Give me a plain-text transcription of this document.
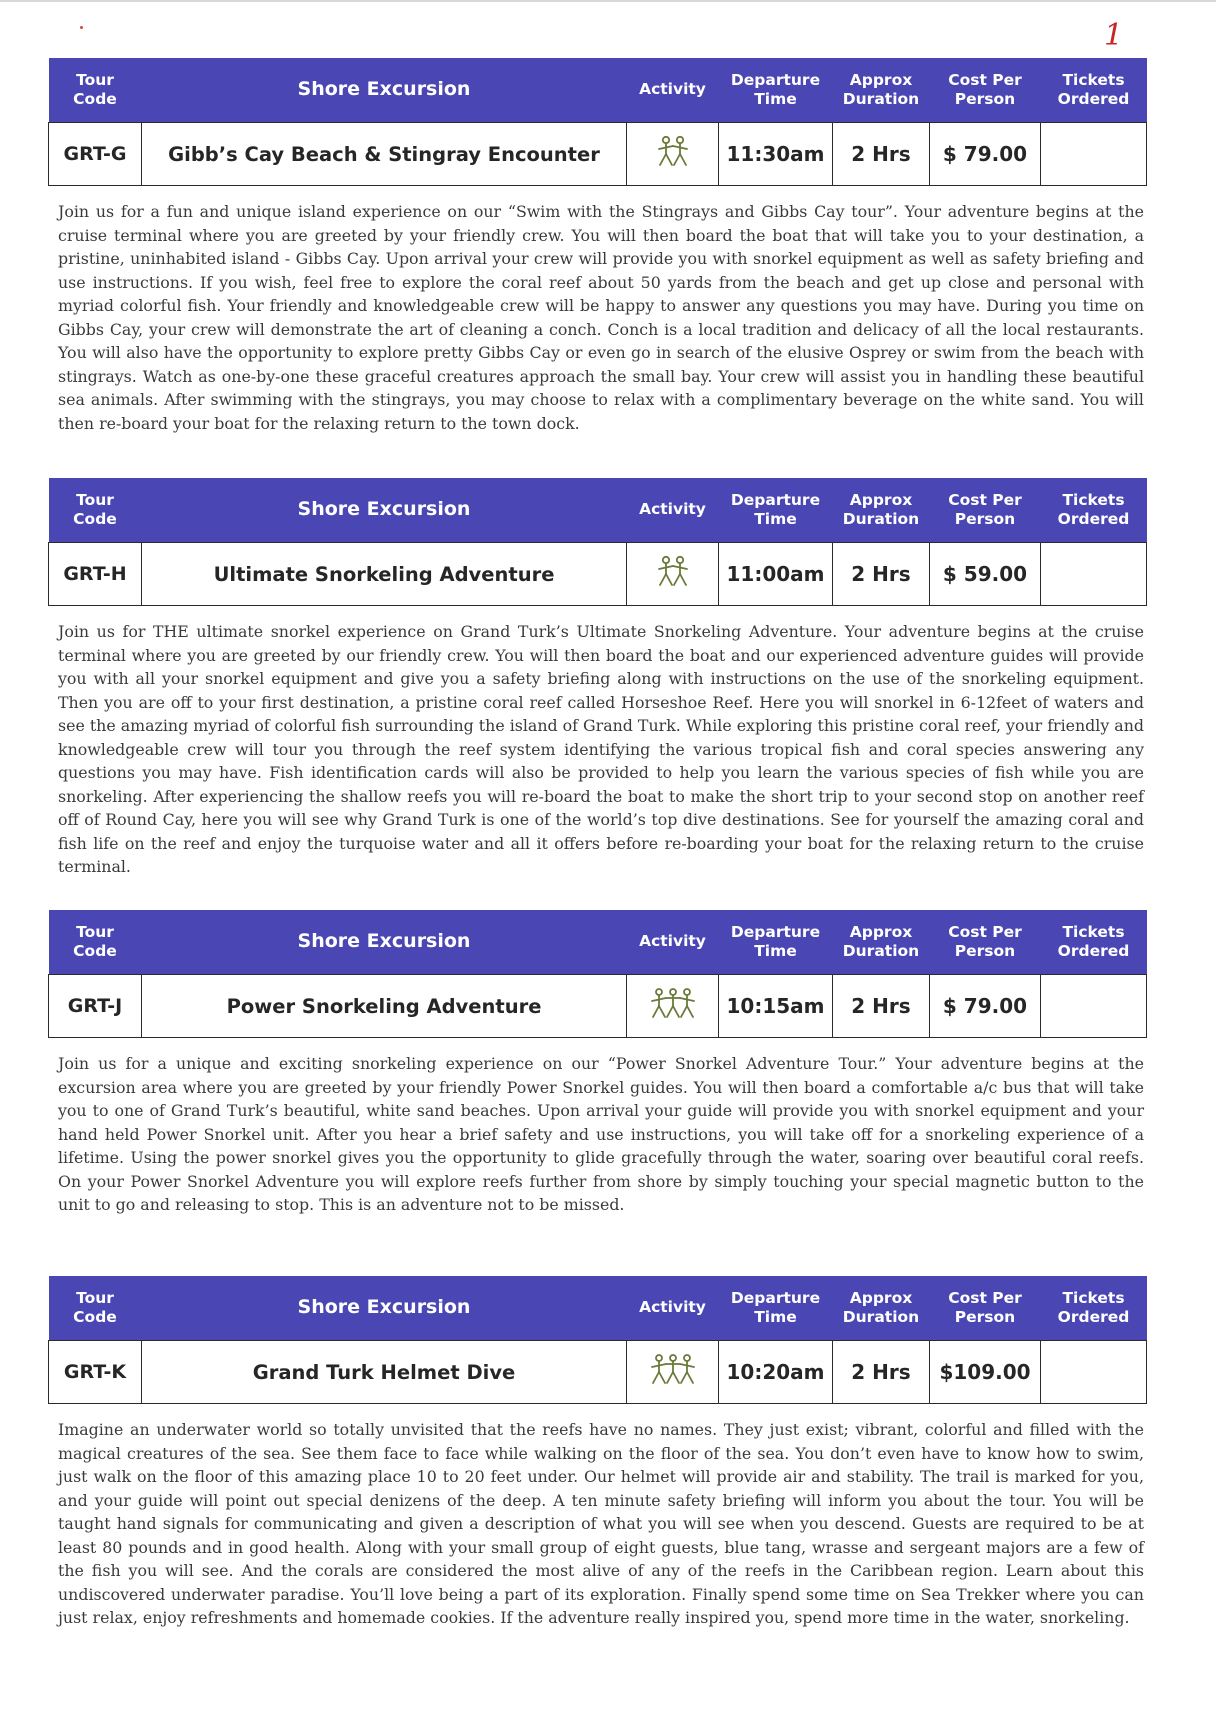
1
Tour Code	Shore Excursion	Activity	Departure Time	Approx Duration	Cost Per Person	Tickets Ordered
GRT-G	Gibb’s Cay Beach & Stingray Encounter		11:30am	2 Hrs	$ 79.00	

Join us for a fun and unique island experience on our “Swim with the Stingrays and Gibbs Cay tour”. Your adventure begins at the cruise terminal where you are greeted by your friendly crew. You will then board the boat that will take you to your destination, a pristine, uninhabited island - Gibbs Cay. Upon arrival your crew will provide you with snorkel equipment as well as safety briefing and use instructions. If you wish, feel free to explore the coral reef about 50 yards from the beach and get up close and personal with myriad colorful fish. Your friendly and knowledgeable crew will be happy to answer any questions you may have. During you time on Gibbs Cay, your crew will demonstrate the art of cleaning a conch. Conch is a local tradition and delicacy of all the local restaurants. You will also have the opportunity to explore pretty Gibbs Cay or even go in search of the elusive Osprey or swim from the beach with stingrays. Watch as one-by-one these graceful creatures approach the small bay. Your crew will assist you in handling these beautiful sea animals. After swimming with the stingrays, you may choose to relax with a complimentary beverage on the white sand. You will then re-board your boat for the relaxing return to the town dock.

Tour Code	Shore Excursion	Activity	Departure Time	Approx Duration	Cost Per Person	Tickets Ordered
GRT-H	Ultimate Snorkeling Adventure		11:00am	2 Hrs	$ 59.00	

Join us for THE ultimate snorkel experience on Grand Turk’s Ultimate Snorkeling Adventure. Your adventure begins at the cruise terminal where you are greeted by our friendly crew. You will then board the boat and our experienced adventure guides will provide you with all your snorkel equipment and give you a safety briefing along with instructions on the use of the snorkeling equipment. Then you are off to your first destination, a pristine coral reef called Horseshoe Reef. Here you will snorkel in 6-12feet of waters and see the amazing myriad of colorful fish surrounding the island of Grand Turk. While exploring this pristine coral reef, your friendly and knowledgeable crew will tour you through the reef system identifying the various tropical fish and coral species answering any questions you may have. Fish identification cards will also be provided to help you learn the various species of fish while you are snorkeling. After experiencing the shallow reefs you will re-board the boat to make the short trip to your second stop on another reef off of Round Cay, here you will see why Grand Turk is one of the world’s top dive destinations. See for yourself the amazing coral and fish life on the reef and enjoy the turquoise water and all it offers before re-boarding your boat for the relaxing return to the cruise terminal.

Tour Code	Shore Excursion	Activity	Departure Time	Approx Duration	Cost Per Person	Tickets Ordered
GRT-J	Power Snorkeling Adventure		10:15am	2 Hrs	$ 79.00	

Join us for a unique and exciting snorkeling experience on our “Power Snorkel Adventure Tour.” Your adventure begins at the excursion area where you are greeted by your friendly Power Snorkel guides. You will then board a comfortable a/c bus that will take you to one of Grand Turk’s beautiful, white sand beaches. Upon arrival your guide will provide you with snorkel equipment and your hand held Power Snorkel unit. After you hear a brief safety and use instructions, you will take off for a snorkeling experience of a lifetime. Using the power snorkel gives you the opportunity to glide gracefully through the water, soaring over beautiful coral reefs. On your Power Snorkel Adventure you will explore reefs further from shore by simply touching your special magnetic button to the unit to go and releasing to stop. This is an adventure not to be missed.

Tour Code	Shore Excursion	Activity	Departure Time	Approx Duration	Cost Per Person	Tickets Ordered
GRT-K	Grand Turk Helmet Dive		10:20am	2 Hrs	$109.00	

Imagine an underwater world so totally unvisited that the reefs have no names. They just exist; vibrant, colorful and filled with the magical creatures of the sea. See them face to face while walking on the floor of the sea. You don’t even have to know how to swim, just walk on the floor of this amazing place 10 to 20 feet under. Our helmet will provide air and stability. The trail is marked for you, and your guide will point out special denizens of the deep. A ten minute safety briefing will inform you about the tour. You will be taught hand signals for communicating and given a description of what you will see when you descend. Guests are required to be at least 80 pounds and in good health. Along with your small group of eight guests, blue tang, wrasse and sergeant majors are a few of the fish you will see. And the corals are considered the most alive of any of the reefs in the Caribbean region. Learn about this undiscovered underwater paradise. You’ll love being a part of its exploration. Finally spend some time on Sea Trekker where you can just relax, enjoy refreshments and homemade cookies. If the adventure really inspired you, spend more time in the water, snorkeling.
